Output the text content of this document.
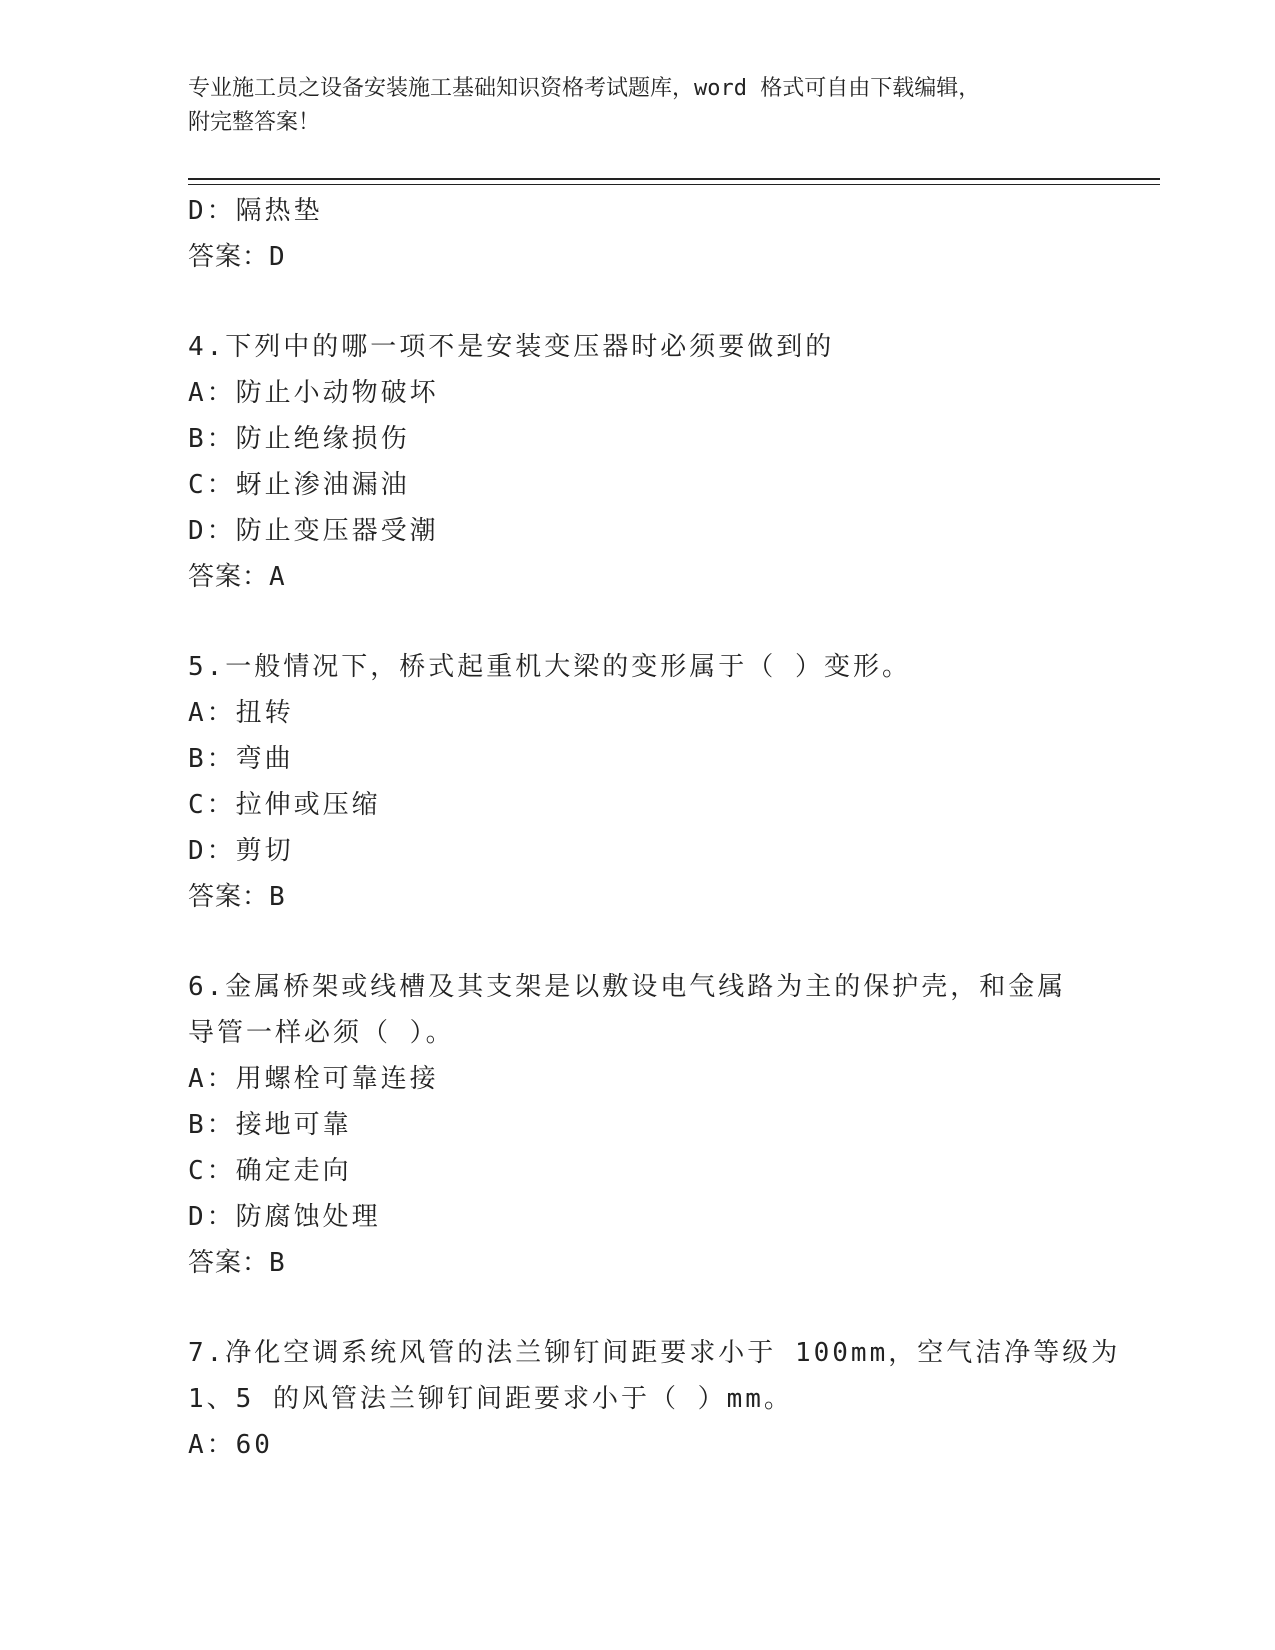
专业施工员之设备安装施工基础知识资格考试题库，word 格式可自由下载编辑，
附完整答案！
D：隔热垫
答案：D
4.下列中的哪一项不是安装变压器时必须要做到的
A：防止小动物破坏
B：防止绝缘损伤
C：蚜止渗油漏油
D：防止变压器受潮
答案：A
5.一般情况下，桥式起重机大梁的变形属于（ ）变形。
A：扭转
B：弯曲
C：拉伸或压缩
D：剪切
答案：B
6.金属桥架或线槽及其支架是以敷设电气线路为主的保护壳，和金属
导管一样必须（ ）。
A：用螺栓可靠连接
B：接地可靠
C：确定走向
D：防腐蚀处理
答案：B
7.净化空调系统风管的法兰铆钉间距要求小于 100mm，空气洁净等级为
1、5 的风管法兰铆钉间距要求小于（ ）mm。
A：60
